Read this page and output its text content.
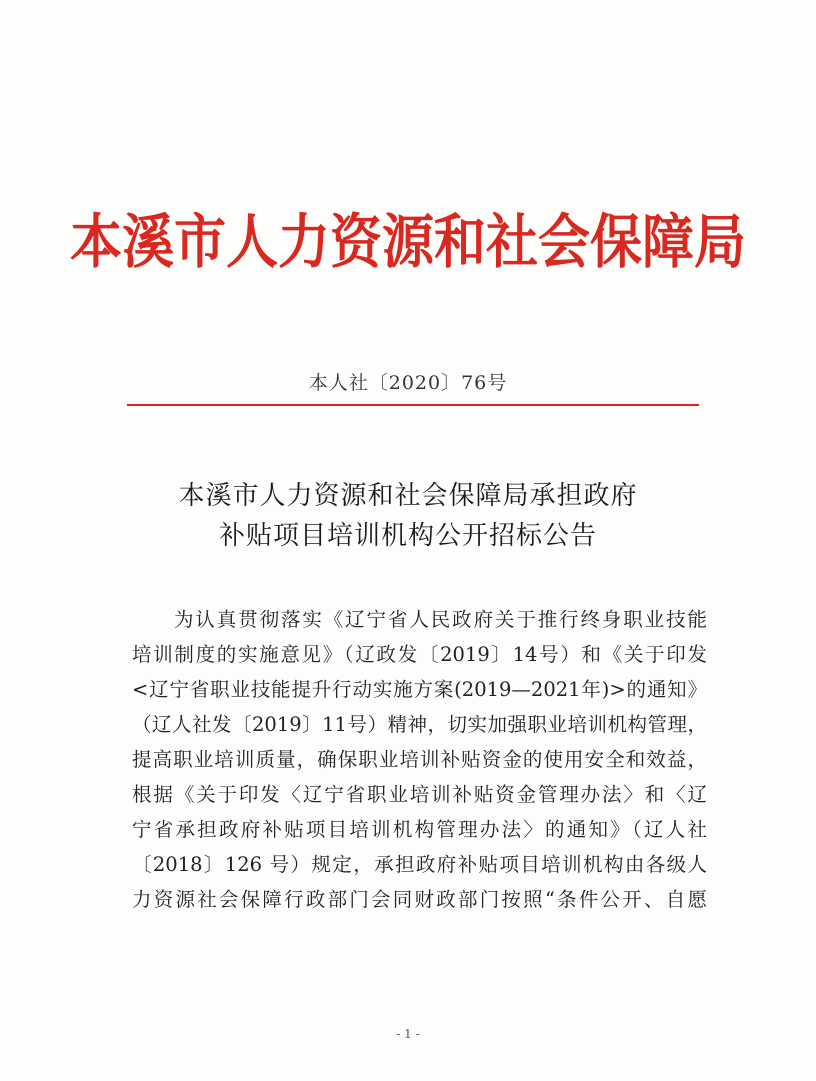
本溪市人力资源和社会保障局
本人社〔2020〕76号
本溪市人力资源和社会保障局承担政府
补贴项目培训机构公开招标公告
为认真贯彻落实《辽宁省人民政府关于推行终身职业技能
培训制度的实施意见》（辽政发〔2019〕14号）和《关于印发
<辽宁省职业技能提升行动实施方案(2019—2021年)>的通知》
（辽人社发〔2019〕11号）精神，切实加强职业培训机构管理，
提高职业培训质量，确保职业培训补贴资金的使用安全和效益，
根据《关于印发〈辽宁省职业培训补贴资金管理办法〉和〈辽
宁省承担政府补贴项目培训机构管理办法〉的通知》（辽人社
〔2018〕126 号）规定，承担政府补贴项目培训机构由各级人
力资源社会保障行政部门会同财政部门按照“条件公开、自愿
- 1 -
